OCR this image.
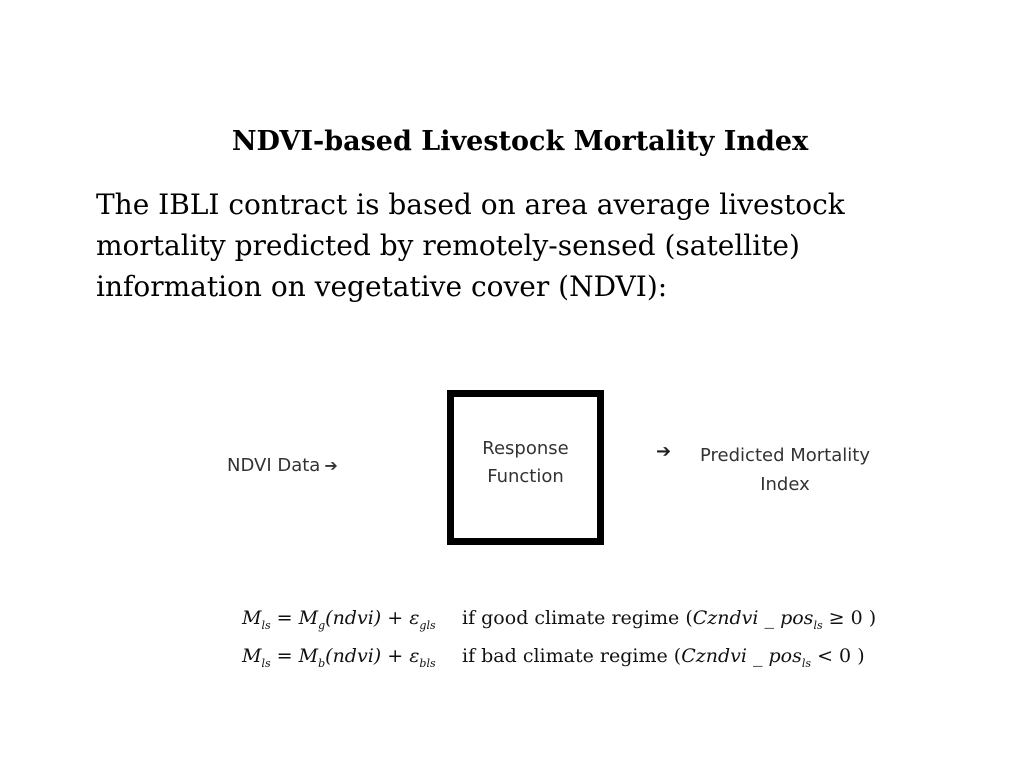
NDVI-based Livestock Mortality Index
The IBLI contract is based on area average livestock
mortality predicted by remotely-sensed (satellite)
information on vegetative cover (NDVI):
NDVI Data ➔
Response
Function
➔	Predicted Mortality
Index
$M_{ls}$ = $M_g(ndvi) + \varepsilon_{gls}$	if good climate regime (Czndvi _ pos$_{ls}$ ≥ 0 )
$M_{ls}$ = $M_b(ndvi) + \varepsilon_{bls}$	if bad climate regime (Czndvi _ pos$_{ls}$ < 0 )
